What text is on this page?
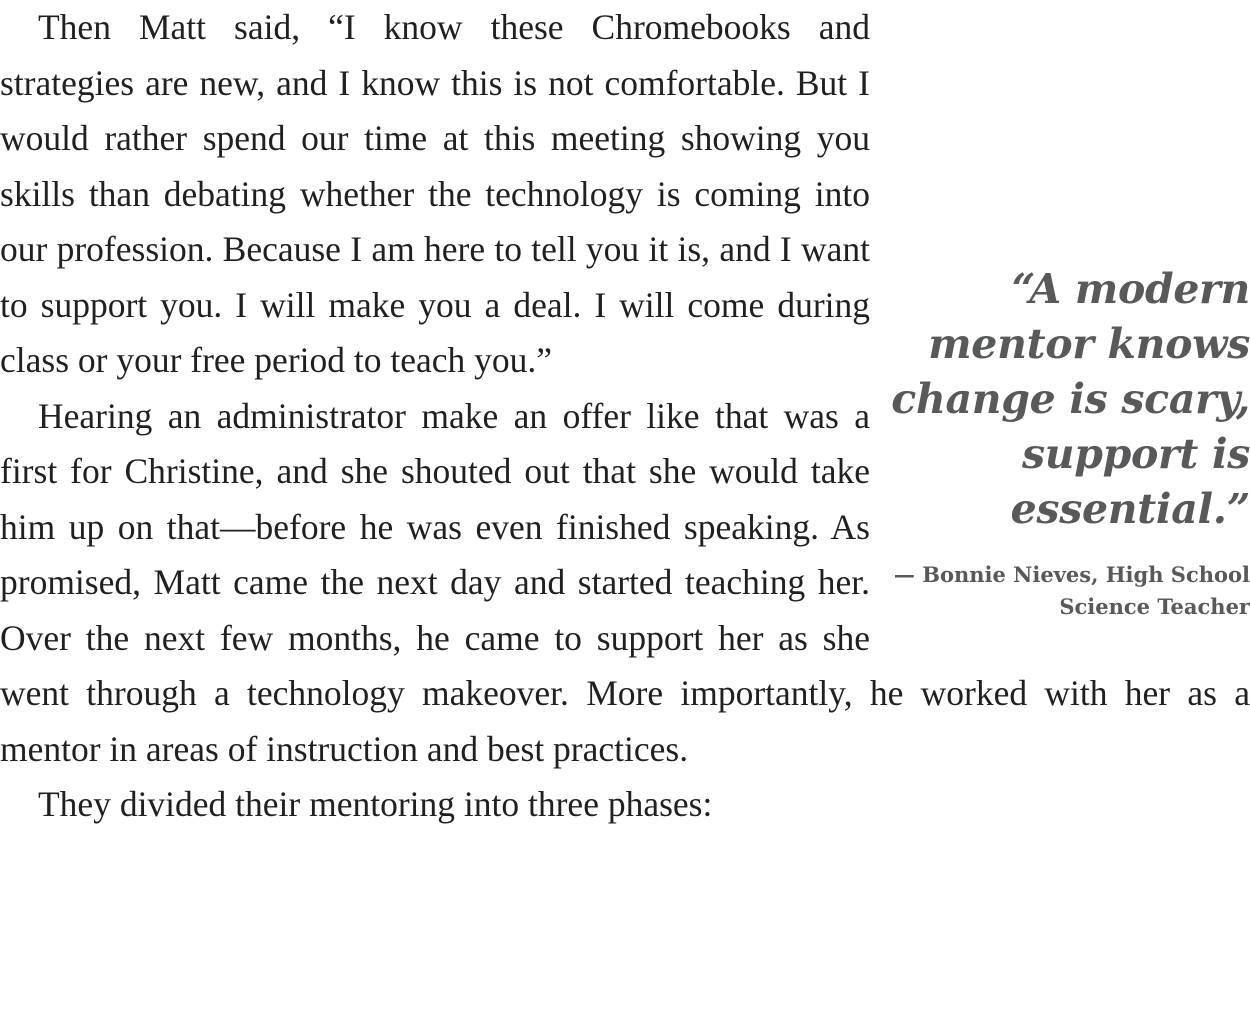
“A modern mentor knows change is scary, support is essential.”

— Bonnie Nieves, High School Science Teacher

Then Matt said, “I know these Chromebooks and strategies are new, and I know this is not comfortable. But I would rather spend our time at this meeting showing you skills than debating whether the technology is coming into our profession. Because I am here to tell you it is, and I want to support you. I will make you a deal. I will come during class or your free period to teach you.”

Hearing an administrator make an offer like that was a first for Christine, and she shouted out that she would take him up on that—before he was even finished speaking. As promised, Matt came the next day and started teaching her. Over the next few months, he came to support her as she went through a technology makeover. More importantly, he worked with her as a mentor in areas of instruction and best practices.

They divided their mentoring into three phases:
